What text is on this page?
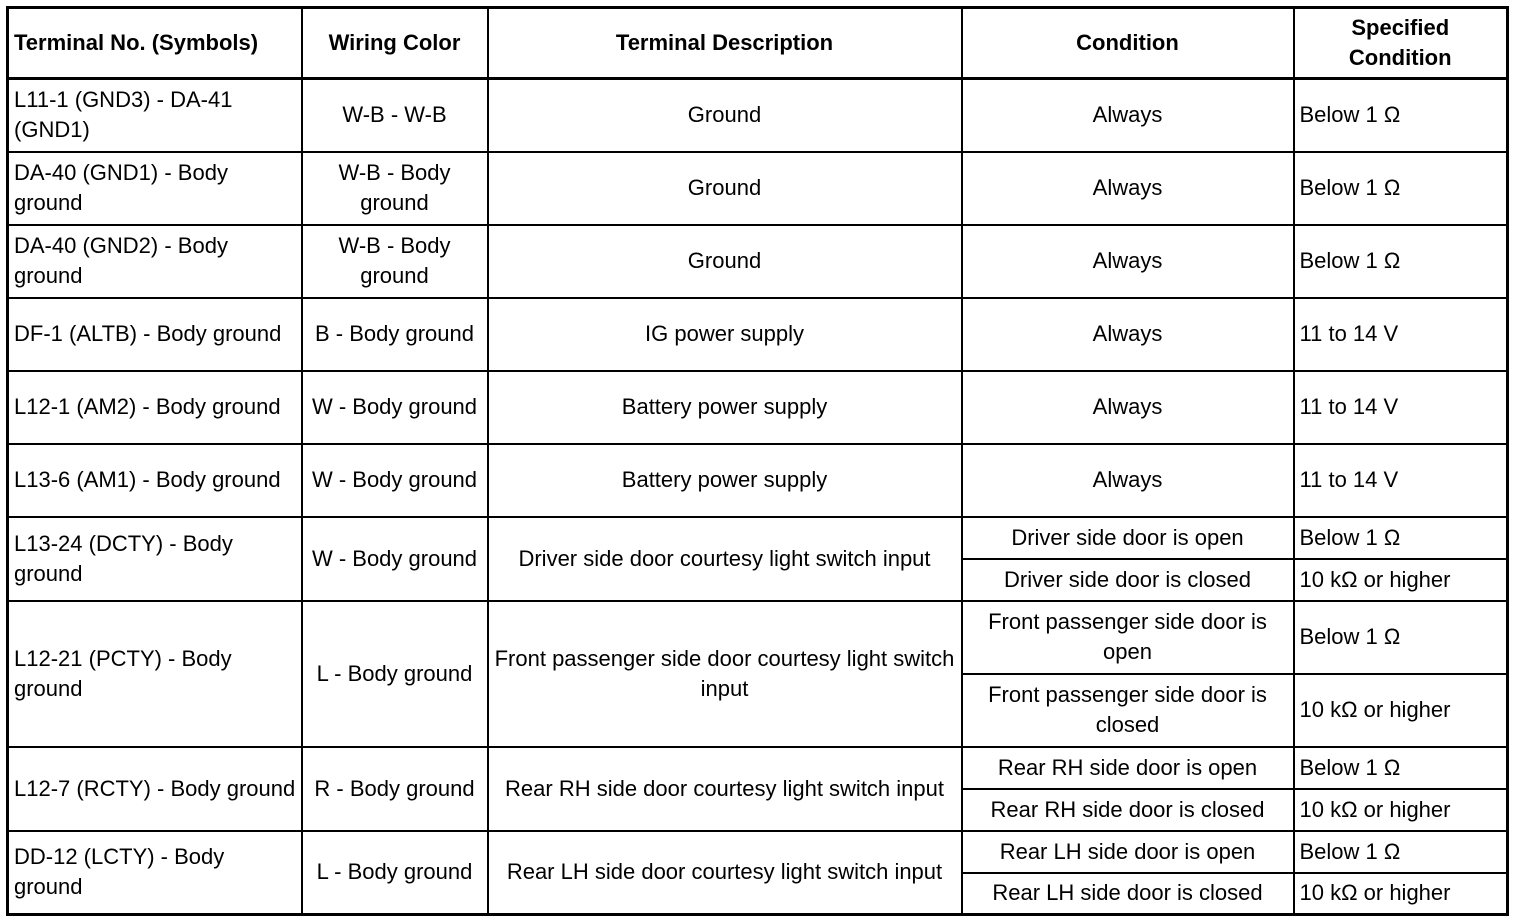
Terminal No. (Symbols)	Wiring Color	Terminal Description	Condition	Specified
Condition
L11-1 (GND3) - DA-41 (GND1)	W-B - W-B	Ground	Always	Below 1 Ω
DA-40 (GND1) - Body ground	W-B - Body ground	Ground	Always	Below 1 Ω
DA-40 (GND2) - Body ground	W-B - Body ground	Ground	Always	Below 1 Ω
DF-1 (ALTB) - Body ground	B - Body ground	IG power supply	Always	11 to 14 V
L12-1 (AM2) - Body ground	W - Body ground	Battery power supply	Always	11 to 14 V
L13-6 (AM1) - Body ground	W - Body ground	Battery power supply	Always	11 to 14 V
L13-24 (DCTY) - Body ground	W - Body ground	Driver side door courtesy light switch input	Driver side door is open	Below 1 Ω
			Driver side door is closed	10 kΩ or higher
L12-21 (PCTY) - Body ground	L - Body ground	Front passenger side door courtesy light switch input	Front passenger side door is open	Below 1 Ω
			Front passenger side door is closed	10 kΩ or higher
L12-7 (RCTY) - Body ground	R - Body ground	Rear RH side door courtesy light switch input	Rear RH side door is open	Below 1 Ω
			Rear RH side door is closed	10 kΩ or higher
DD-12 (LCTY) - Body ground	L - Body ground	Rear LH side door courtesy light switch input	Rear LH side door is open	Below 1 Ω
			Rear LH side door is closed	10 kΩ or higher
